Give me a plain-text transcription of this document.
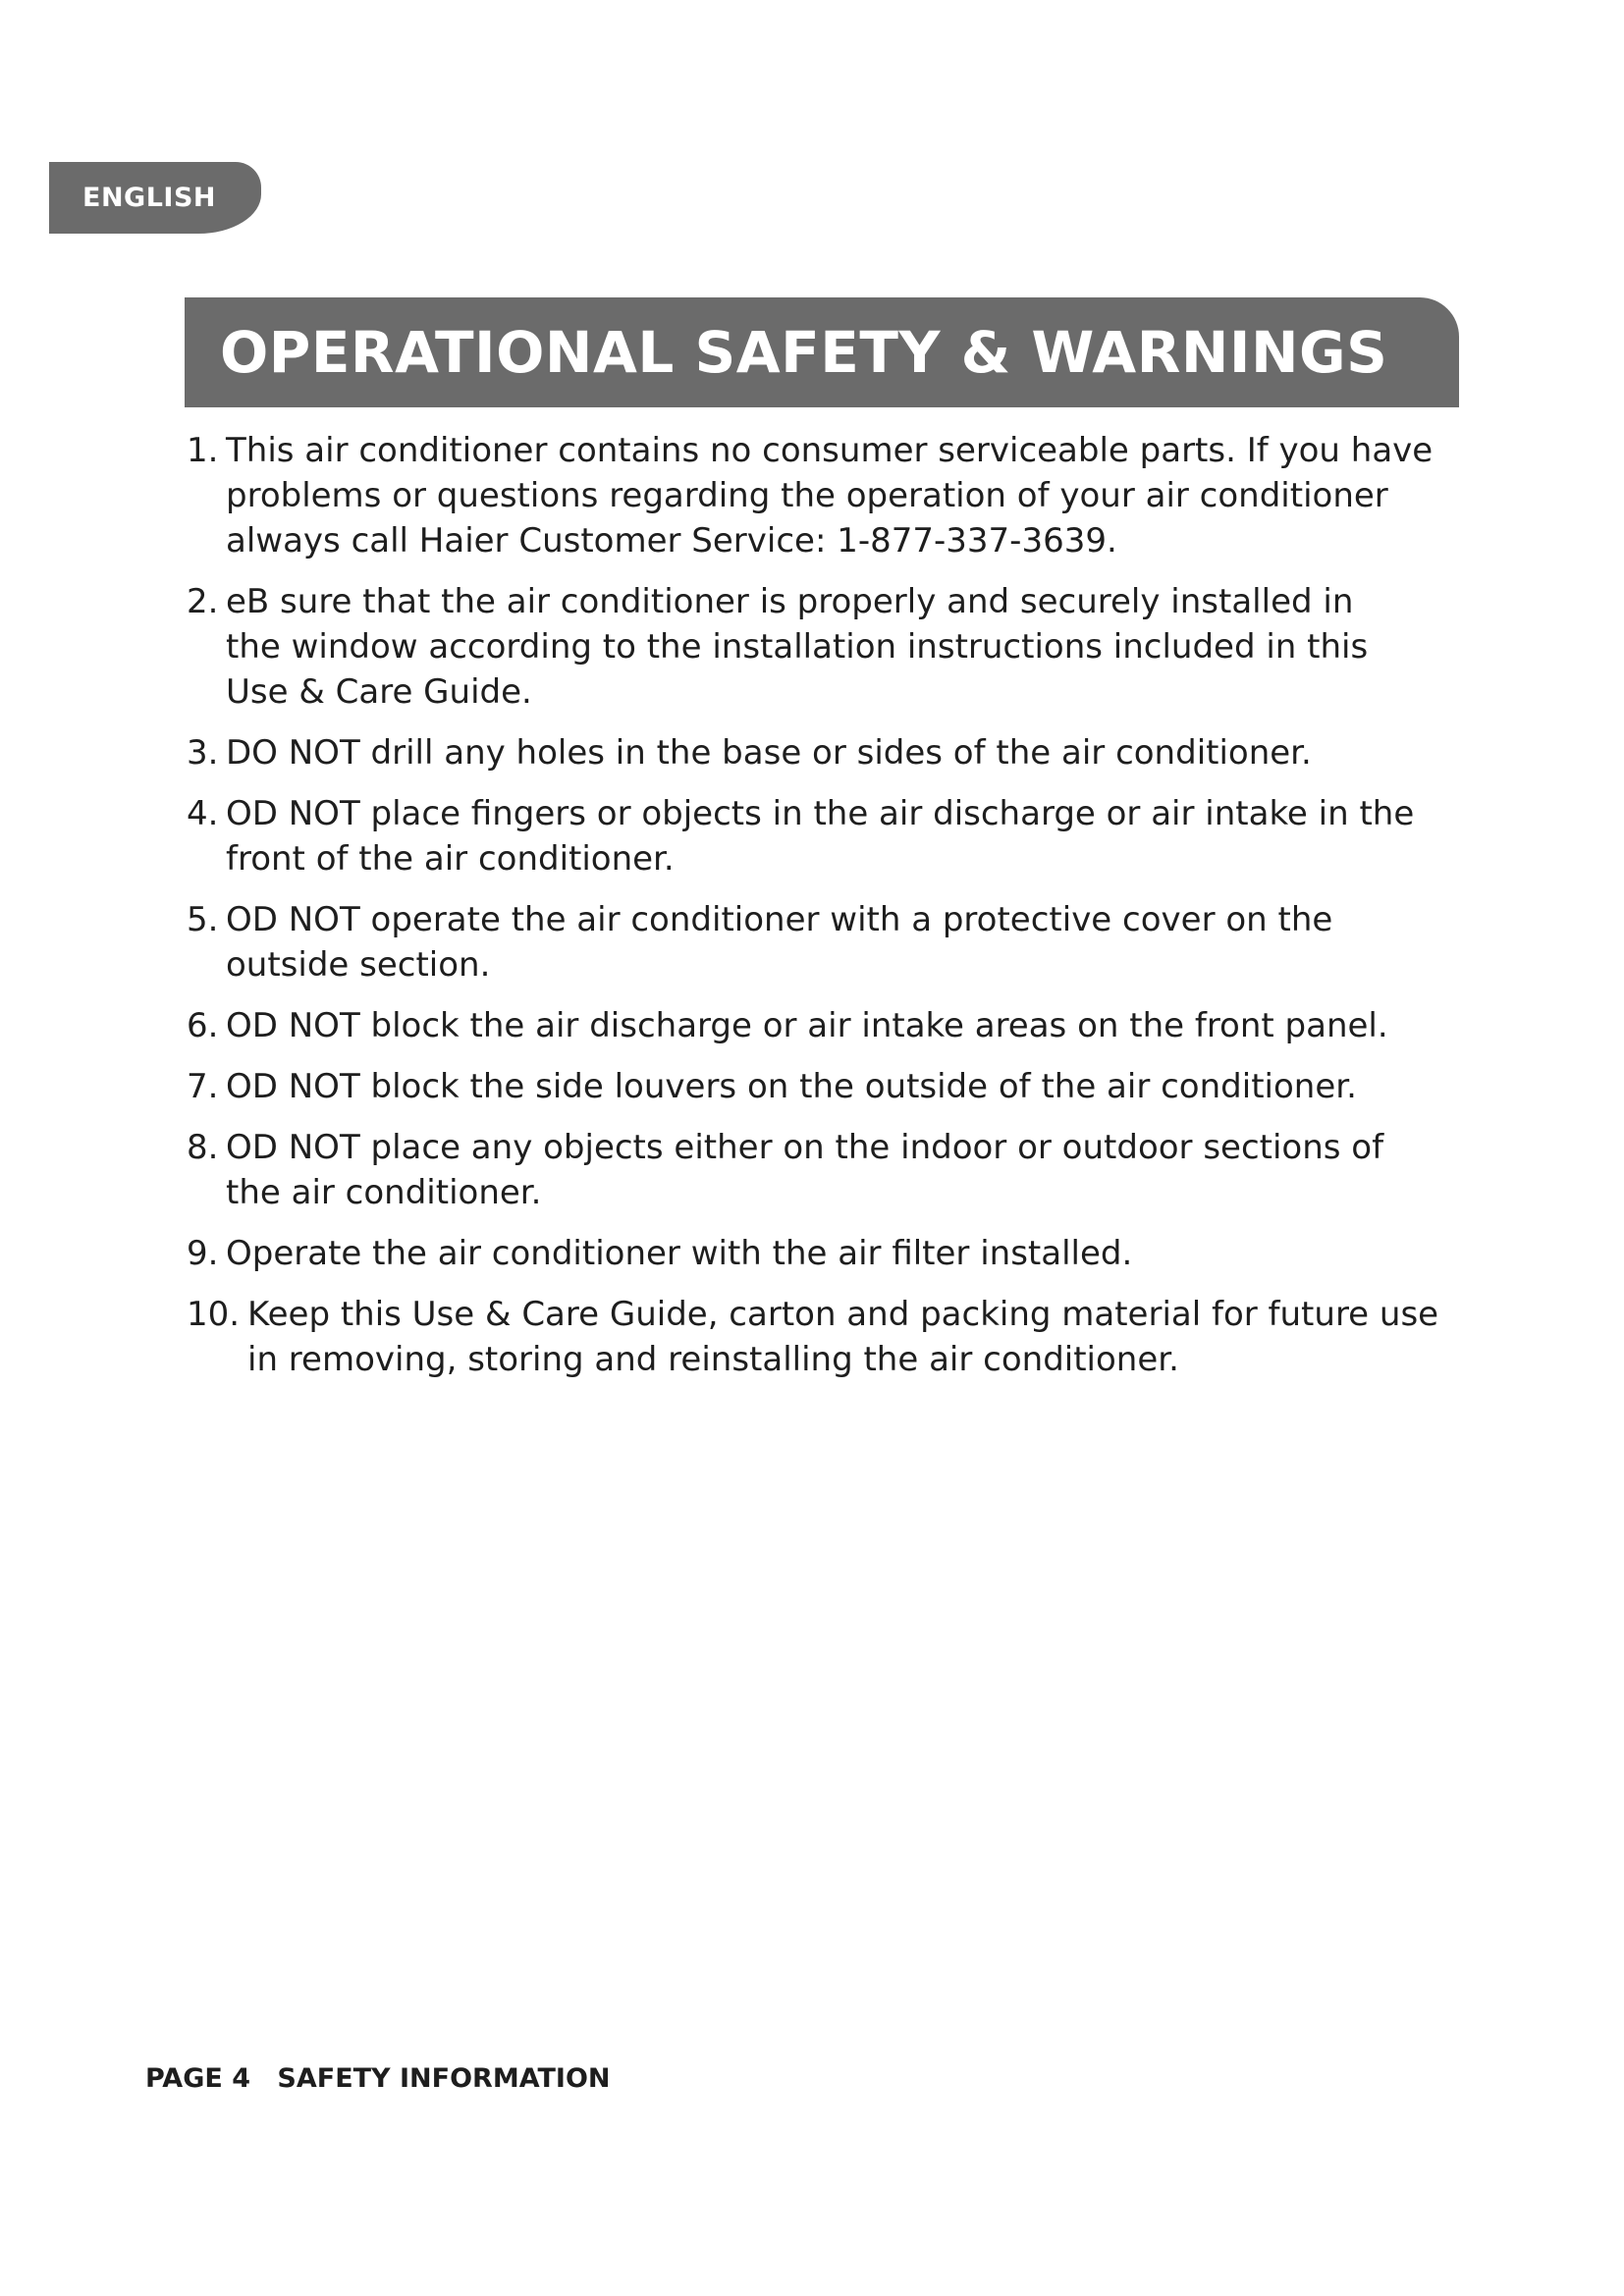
ENGLISH
OPERATIONAL SAFETY & WARNINGS
1. This air conditioner contains no consumer serviceable parts. If you have
problems or questions regarding the operation of your air conditioner
always call Haier Customer Service: 1-877-337-3639.
2. eB sure that the air conditioner is properly and securely installed in
the window according to the installation instructions included in this
Use & Care Guide.
3. DO NOT drill any holes in the base or sides of the air conditioner.
4. OD NOT place fingers or objects in the air discharge or air intake in the
front of the air conditioner.
5. OD NOT operate the air conditioner with a protective cover on the
outside section.
6. OD NOT block the air discharge or air intake areas on the front panel.
7. OD NOT block the side louvers on the outside of the air conditioner.
8. OD NOT place any objects either on the indoor or outdoor sections of
the air conditioner.
9. Operate the air conditioner with the air filter installed.
10. Keep this Use & Care Guide, carton and packing material for future use
in removing, storing and reinstalling the air conditioner.
PAGE 4 SAFETY INFORMATION
